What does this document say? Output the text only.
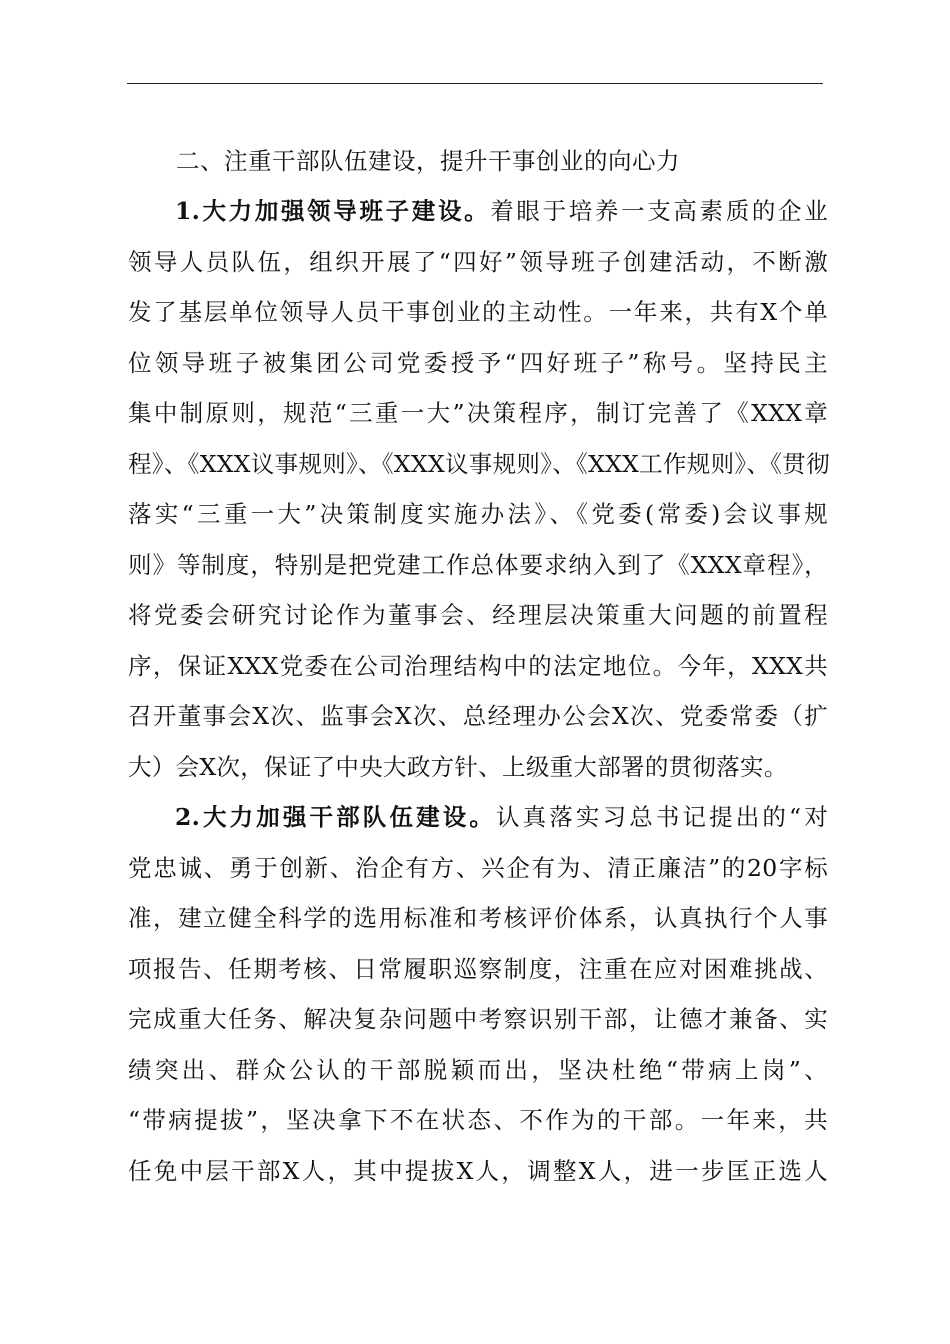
二、注重干部队伍建设，提升干事创业的向心力
1.大力加强领导班子建设。着眼于培养一支高素质的企业
领导人员队伍，组织开展了“四好”领导班子创建活动，不断激
发了基层单位领导人员干事创业的主动性。一年来，共有X个单
位领导班子被集团公司党委授予“四好班子”称号。坚持民主
集中制原则，规范“三重一大”决策程序，制订完善了《XXX章
程》、《XXX议事规则》、《XXX议事规则》、《XXX工作规则》、《贯彻
落实“三重一大”决策制度实施办法》、《党委(常委)会议事规
则》等制度，特别是把党建工作总体要求纳入到了《XXX章程》，
将党委会研究讨论作为董事会、经理层决策重大问题的前置程
序，保证XXX党委在公司治理结构中的法定地位。今年，XXX共
召开董事会X次、监事会X次、总经理办公会X次、党委常委（扩
大）会X次，保证了中央大政方针、上级重大部署的贯彻落实。
2.大力加强干部队伍建设。认真落实习总书记提出的“对
党忠诚、勇于创新、治企有方、兴企有为、清正廉洁”的20字标
准，建立健全科学的选用标准和考核评价体系，认真执行个人事
项报告、任期考核、日常履职巡察制度，注重在应对困难挑战、
完成重大任务、解决复杂问题中考察识别干部，让德才兼备、实
绩突出、群众公认的干部脱颖而出，坚决杜绝“带病上岗”、
“带病提拔”，坚决拿下不在状态、不作为的干部。一年来，共
任免中层干部X人，其中提拔X人，调整X人，进一步匡正选人
